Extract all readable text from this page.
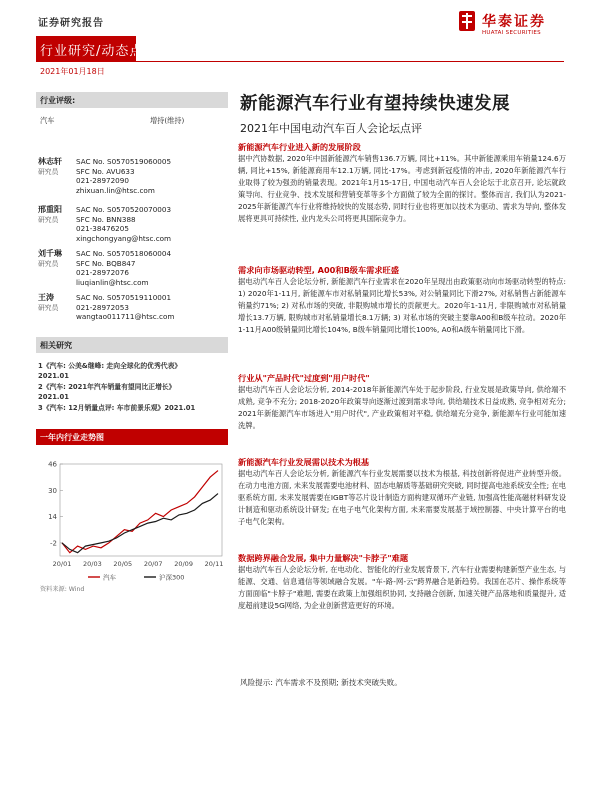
证券研究报告	华泰证券
HUATAI SECURITIES
行业研究/动态点评
2021年01月18日
行业评级:
汽车	增持(维持)
林志轩
研究员
SAC No. S0570519060005
SFC No. AVU633
021-28972090
zhixuan.lin@htsc.com
邢重阳
研究员
SAC No. S0570520070003
SFC No. BNN388
021-38476205
xingchongyang@htsc.com
刘千琳
研究员
SAC No. S0570518060004
SFC No. BQB847
021-28972076
liuqianlin@htsc.com
王涛
研究员
SAC No. S0570519110001
021-28972053
wangtao011711@htsc.com
相关研究
1《汽车: 公美&继峰: 走向全球化的优秀代表》
2021.01
2《汽车: 2021年汽车销量有望同比正增长》
2021.01
3《汽车: 12月销量点评: 车市前景乐观》2021.01
一年内行业走势图
46
30
14
-2
20/01 20/03 20/05 20/07 20/09 20/11
汽车	沪深300
资料来源: Wind
新能源汽车行业有望持续快速发展
2021年中国电动汽车百人会论坛点评
新能源汽车行业进入新的发展阶段
据中汽协数据, 2020年中国新能源汽车销售136.7万辆, 同比+11%。其中新能源乘用车销量124.6万辆, 同比+15%, 新能源商用车12.1万辆, 同比-17%。考虑到新冠疫情的冲击, 2020年新能源汽车行业取得了较为强劲的销量表现。2021年1月15-17日, 中国电动汽车百人会论坛于北京召开, 论坛就政策导向、行业竞争、技术发展和营销变革等多个方面做了较为全面的探讨。整体而言, 我们认为2021-2025年新能源汽车行业将维持较快的发展态势, 同时行业也将更加以技术为驱动、需求为导向, 整体发展将更具可持续性, 业内龙头公司将更具国际竞争力。
需求向市场驱动转型, A00和B级车需求旺盛
据电动汽车百人会论坛分析, 新能源汽车行业需求在2020年呈现出由政策驱动向市场驱动转型的特点: 1) 2020年1-11月, 新能源车市对私销量同比增长53%, 对公销量同比下滑27%, 对私销售占新能源车销量约71%; 2) 对私市场的突破, 非限购城市增长的贡献更大。2020年1-11月, 非限购城市对私销量增长13.7万辆, 限购城市对私销量增长8.1万辆; 3) 对私市场的突破主要靠A00和B级车拉动。2020年1-11月A00级销量同比增长104%, B级车销量同比增长100%, A0和A级车销量同比下滑。
行业从"产品时代"过度到"用户时代"
据电动汽车百人会论坛分析, 2014-2018年新能源汽车处于起步阶段, 行业发展是政策导向, 供给端不成熟, 竞争不充分; 2018-2020年政策导向逐渐过渡到需求导向, 供给端技术日益成熟, 竞争相对充分; 2021年新能源汽车市场进入"用户时代", 产业政策相对平稳, 供给端充分竞争, 新能源车行业可能加速洗牌。
新能源汽车行业发展需以技术为根基
据电动汽车百人会论坛分析, 新能源汽车行业发展需要以技术为根基, 科技创新将促进产业转型升级。在动力电池方面, 未来发展需要电池材料、固态电解质等基础研究突破, 同时提高电池系统安全性; 在电驱系统方面, 未来发展需要在IGBT等芯片设计制造方面构建双循环产业链, 加强高性能高磁材料研发设计制造和驱动系统设计研发; 在电子电气化架构方面, 未来需要发展基于域控制器、中央计算平台的电子电气化架构。
数据跨界融合发展, 集中力量解决"卡脖子"难题
据电动汽车百人会论坛分析, 在电动化、智能化的行业发展背景下, 汽车行业需要构建新型产业生态, 与能源、交通、信息通信等领域融合发展。"车-路-网-云"跨界融合是新趋势。我国在芯片、操作系统等方面面临"卡脖子"难题, 需要在政策上加强组织协同, 支持融合创新, 加速关键产品落地和质量提升, 适度超前建设5G网络, 为企业创新营造更好的环境。
风险提示: 汽车需求不及预期; 新技术突破失败。
